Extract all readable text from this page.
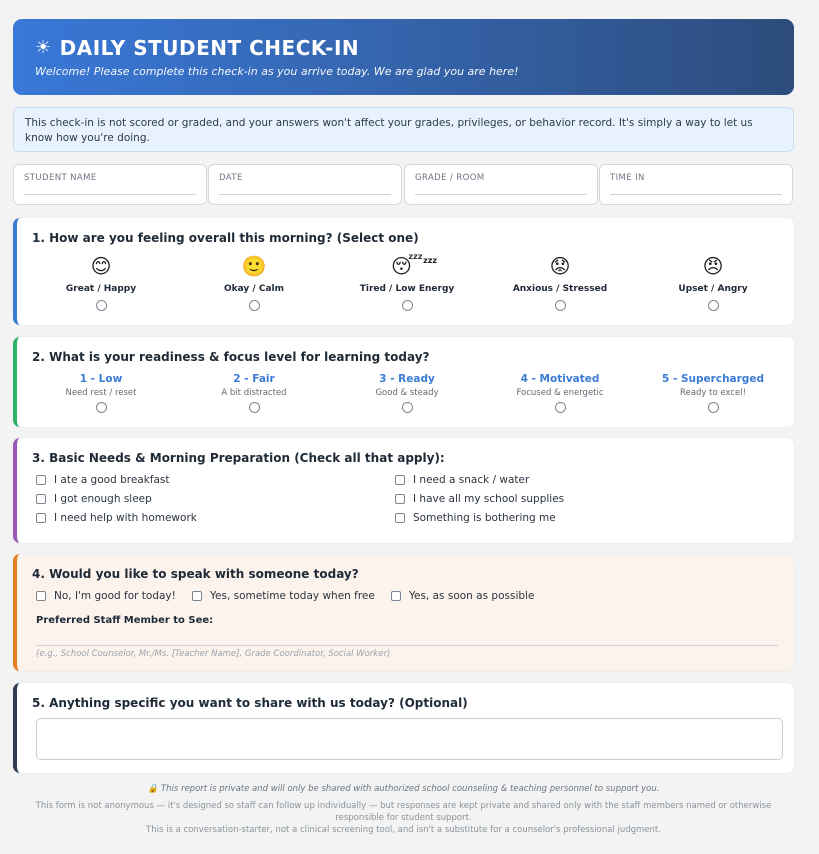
☀ DAILY STUDENT CHECK-IN

Welcome! Please complete this check-in as you arrive today. We are glad you are here!

This check-in is not scored or graded, and your answers won't affect your grades, privileges, or behavior record. It's simply a way to let us know how you're doing.
STUDENT NAME	DATE	GRADE / ROOM	TIME IN
1. How are you feeling overall this morning? (Select one)
😊
Great / Happy
🙂
Okay / Calm
😴 zzz
Tired / Low Energy
😟
Anxious / Stressed
😠
Upset / Angry
2. What is your readiness & focus level for learning today?
1 - Low
Need rest / reset
2 - Fair
A bit distracted
3 - Ready
Good & steady
4 - Motivated
Focused & energetic
5 - Supercharged
Ready to excel!
3. Basic Needs & Morning Preparation (Check all that apply):
I ate a good breakfast
I got enough sleep
I need help with homework
I need a snack / water
I have all my school supplies
Something is bothering me
4. Would you like to speak with someone today?
No, I'm good for today!	Yes, sometime today when free	Yes, as soon as possible
Preferred Staff Member to See:
(e.g., School Counselor, Mr./Ms. [Teacher Name], Grade Coordinator, Social Worker)
5. Anything specific you want to share with us today? (Optional)
🔒 This report is private and will only be shared with authorized school counseling & teaching personnel to support you.
This form is not anonymous — it's designed so staff can follow up individually — but responses are kept private and shared only with the staff members named or otherwise responsible for student support.
This is a conversation-starter, not a clinical screening tool, and isn't a substitute for a counselor's professional judgment.
